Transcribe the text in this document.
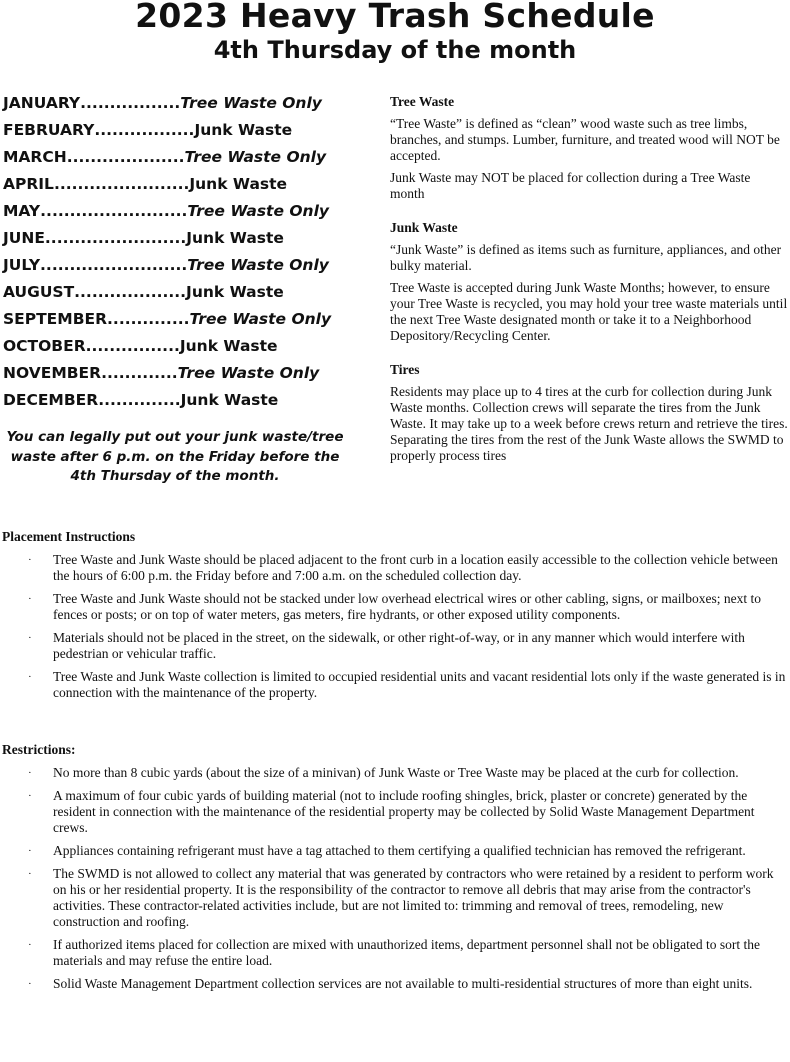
2023 Heavy Trash Schedule
4th Thursday of the month
JANUARY ................. Tree Waste Only
FEBRUARY ................. Junk Waste
MARCH .................... Tree Waste Only
APRIL ....................... Junk Waste
MAY ......................... Tree Waste Only
JUNE ........................ Junk Waste
JULY ......................... Tree Waste Only
AUGUST ................... Junk Waste
SEPTEMBER .............. Tree Waste Only
OCTOBER ................ Junk Waste
NOVEMBER ............. Tree Waste Only
DECEMBER .............. Junk Waste
You can legally put out your junk waste/tree waste after 6 p.m. on the Friday before the 4th Thursday of the month.
Tree Waste

“Tree Waste” is defined as “clean” wood waste such as tree limbs, branches, and stumps. Lumber, furniture, and treated wood will NOT be accepted.

Junk Waste may NOT be placed for collection during a Tree Waste month

Junk Waste

“Junk Waste” is defined as items such as furniture, appliances, and other bulky material.

Tree Waste is accepted during Junk Waste Months; however, to ensure your Tree Waste is recycled, you may hold your tree waste materials until the next Tree Waste designated month or take it to a Neighborhood Depository/Recycling Center.

Tires

Residents may place up to 4 tires at the curb for collection during Junk Waste months. Collection crews will separate the tires from the Junk Waste. It may take up to a week before crews return and retrieve the tires. Separating the tires from the rest of the Junk Waste allows the SWMD to properly process tires

Placement Instructions
· Tree Waste and Junk Waste should be placed adjacent to the front curb in a location easily accessible to the collection vehicle between the hours of 6:00 p.m. the Friday before and 7:00 a.m. on the scheduled collection day.
· Tree Waste and Junk Waste should not be stacked under low overhead electrical wires or other cabling, signs, or mailboxes; next to fences or posts; or on top of water meters, gas meters, fire hydrants, or other exposed utility components.
· Materials should not be placed in the street, on the sidewalk, or other right-of-way, or in any manner which would interfere with pedestrian or vehicular traffic.
· Tree Waste and Junk Waste collection is limited to occupied residential units and vacant residential lots only if the waste generated is in connection with the maintenance of the property.
Restrictions:
· No more than 8 cubic yards (about the size of a minivan) of Junk Waste or Tree Waste may be placed at the curb for collection.
· A maximum of four cubic yards of building material (not to include roofing shingles, brick, plaster or concrete) generated by the resident in connection with the maintenance of the residential property may be collected by Solid Waste Management Department crews.
· Appliances containing refrigerant must have a tag attached to them certifying a qualified technician has removed the refrigerant.
· The SWMD is not allowed to collect any material that was generated by contractors who were retained by a resident to perform work on his or her residential property. It is the responsibility of the contractor to remove all debris that may arise from the contractor's activities. These contractor-related activities include, but are not limited to: trimming and removal of trees, remodeling, new construction and roofing.
· If authorized items placed for collection are mixed with unauthorized items, department personnel shall not be obligated to sort the materials and may refuse the entire load.
· Solid Waste Management Department collection services are not available to multi-residential structures of more than eight units.
